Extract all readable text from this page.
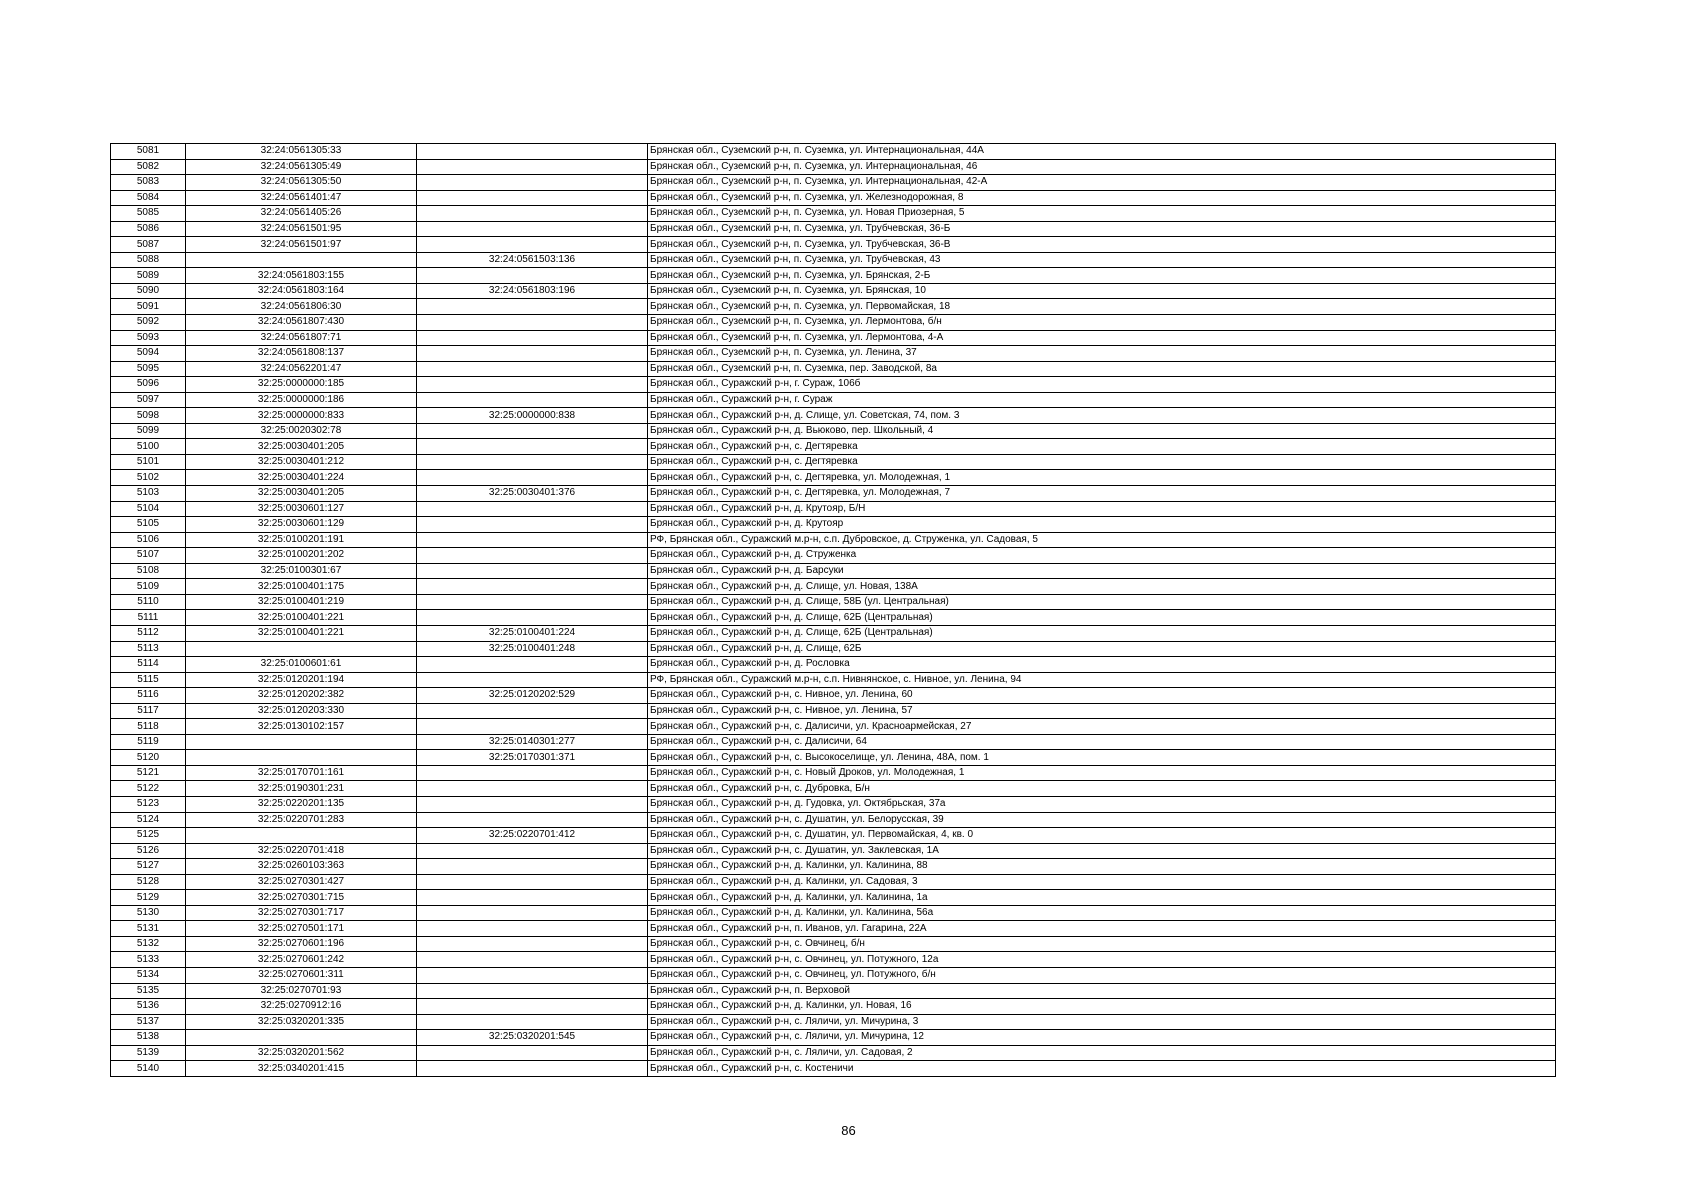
5081	32:24:0561305:33		Брянская обл., Суземский р-н, п. Суземка, ул. Интернациональная, 44А
5082	32:24:0561305:49		Брянская обл., Суземский р-н, п. Суземка, ул. Интернациональная, 46
5083	32:24:0561305:50		Брянская обл., Суземский р-н, п. Суземка, ул. Интернациональная, 42-А
5084	32:24:0561401:47		Брянская обл., Суземский р-н, п. Суземка, ул. Железнодорожная, 8
5085	32:24:0561405:26		Брянская обл., Суземский р-н, п. Суземка, ул. Новая Приозерная, 5
5086	32:24:0561501:95		Брянская обл., Суземский р-н, п. Суземка, ул. Трубчевская, 36-Б
5087	32:24:0561501:97		Брянская обл., Суземский р-н, п. Суземка, ул. Трубчевская, 36-В
5088		32:24:0561503:136	Брянская обл., Суземский р-н, п. Суземка, ул. Трубчевская, 43
5089	32:24:0561803:155		Брянская обл., Суземский р-н, п. Суземка, ул. Брянская, 2-Б
5090	32:24:0561803:164	32:24:0561803:196	Брянская обл., Суземский р-н, п. Суземка, ул. Брянская, 10
5091	32:24:0561806:30		Брянская обл., Суземский р-н, п. Суземка, ул. Первомайская, 18
5092	32:24:0561807:430		Брянская обл., Суземский р-н, п. Суземка, ул. Лермонтова, б/н
5093	32:24:0561807:71		Брянская обл., Суземский р-н, п. Суземка, ул. Лермонтова, 4-А
5094	32:24:0561808:137		Брянская обл., Суземский р-н, п. Суземка, ул. Ленина, 37
5095	32:24:0562201:47		Брянская обл., Суземский р-н, п. Суземка, пер. Заводской, 8а
5096	32:25:0000000:185		Брянская обл., Суражский р-н, г. Сураж, 106б
5097	32:25:0000000:186		Брянская обл., Суражский р-н, г. Сураж
5098	32:25:0000000:833	32:25:0000000:838	Брянская обл., Суражский р-н, д. Слище, ул. Советская, 74, пом. 3
5099	32:25:0020302:78		Брянская обл., Суражский р-н, д. Вьюково, пер. Школьный, 4
5100	32:25:0030401:205		Брянская обл., Суражский р-н, с. Дегтяревка
5101	32:25:0030401:212		Брянская обл., Суражский р-н, с. Дегтяревка
5102	32:25:0030401:224		Брянская обл., Суражский р-н, с. Дегтяревка, ул. Молодежная, 1
5103	32:25:0030401:205	32:25:0030401:376	Брянская обл., Суражский р-н, с. Дегтяревка, ул. Молодежная, 7
5104	32:25:0030601:127		Брянская обл., Суражский р-н, д. Крутояр, Б/Н
5105	32:25:0030601:129		Брянская обл., Суражский р-н, д. Крутояр
5106	32:25:0100201:191		РФ, Брянская обл., Суражский м.р-н, с.п. Дубровское, д. Струженка, ул. Садовая, 5
5107	32:25:0100201:202		Брянская обл., Суражский р-н, д. Струженка
5108	32:25:0100301:67		Брянская обл., Суражский р-н, д. Барсуки
5109	32:25:0100401:175		Брянская обл., Суражский р-н, д. Слище, ул. Новая, 138А
5110	32:25:0100401:219		Брянская обл., Суражский р-н, д. Слище, 58Б (ул. Центральная)
5111	32:25:0100401:221		Брянская обл., Суражский р-н, д. Слище, 62Б (Центральная)
5112	32:25:0100401:221	32:25:0100401:224	Брянская обл., Суражский р-н, д. Слище, 62Б (Центральная)
5113		32:25:0100401:248	Брянская обл., Суражский р-н, д. Слище, 62Б
5114	32:25:0100601:61		Брянская обл., Суражский р-н, д. Рословка
5115	32:25:0120201:194		РФ, Брянская обл., Суражский м.р-н, с.п. Нивнянское, с. Нивное, ул. Ленина, 94
5116	32:25:0120202:382	32:25:0120202:529	Брянская обл., Суражский р-н, с. Нивное, ул. Ленина, 60
5117	32:25:0120203:330		Брянская обл., Суражский р-н, с. Нивное, ул. Ленина, 57
5118	32:25:0130102:157		Брянская обл., Суражский р-н, с. Далисичи, ул. Красноармейская, 27
5119		32:25:0140301:277	Брянская обл., Суражский р-н, с. Далисичи, 64
5120		32:25:0170301:371	Брянская обл., Суражский р-н, с. Высокоселище, ул. Ленина, 48А, пом. 1
5121	32:25:0170701:161		Брянская обл., Суражский р-н, с. Новый Дроков, ул. Молодежная, 1
5122	32:25:0190301:231		Брянская обл., Суражский р-н, с. Дубровка, Б/н
5123	32:25:0220201:135		Брянская обл., Суражский р-н, д. Гудовка, ул. Октябрьская, 37а
5124	32:25:0220701:283		Брянская обл., Суражский р-н, с. Душатин, ул. Белорусская, 39
5125		32:25:0220701:412	Брянская обл., Суражский р-н, с. Душатин, ул. Первомайская, 4, кв. 0
5126	32:25:0220701:418		Брянская обл., Суражский р-н, с. Душатин, ул. Заклевская, 1А
5127	32:25:0260103:363		Брянская обл., Суражский р-н, д. Калинки, ул. Калинина, 88
5128	32:25:0270301:427		Брянская обл., Суражский р-н, д. Калинки, ул. Садовая, 3
5129	32:25:0270301:715		Брянская обл., Суражский р-н, д. Калинки, ул. Калинина, 1а
5130	32:25:0270301:717		Брянская обл., Суражский р-н, д. Калинки, ул. Калинина, 56а
5131	32:25:0270501:171		Брянская обл., Суражский р-н, п. Иванов, ул. Гагарина, 22А
5132	32:25:0270601:196		Брянская обл., Суражский р-н, с. Овчинец, б/н
5133	32:25:0270601:242		Брянская обл., Суражский р-н, с. Овчинец, ул. Потужного, 12а
5134	32:25:0270601:311		Брянская обл., Суражский р-н, с. Овчинец, ул. Потужного, б/н
5135	32:25:0270701:93		Брянская обл., Суражский р-н, п. Верховой
5136	32:25:0270912:16		Брянская обл., Суражский р-н, д. Калинки, ул. Новая, 16
5137	32:25:0320201:335		Брянская обл., Суражский р-н, с. Ляличи, ул. Мичурина, 3
5138		32:25:0320201:545	Брянская обл., Суражский р-н, с. Ляличи, ул. Мичурина, 12
5139	32:25:0320201:562		Брянская обл., Суражский р-н, с. Ляличи, ул. Садовая, 2
5140	32:25:0340201:415		Брянская обл., Суражский р-н, с. Костеничи
86
